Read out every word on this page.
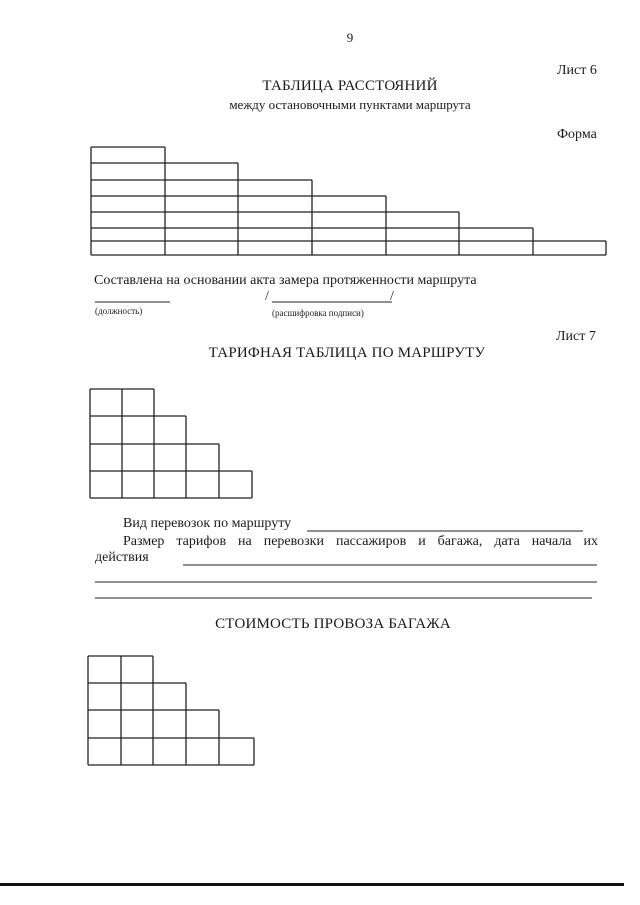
9
Лист 6
ТАБЛИЦА РАССТОЯНИЙ
между остановочными пунктами маршрута
Форма
Составлена на основании акта замера протяженности маршрута
/	/
(должность)	(расшифровка подписи)
Лист 7
ТАРИФНАЯ ТАБЛИЦА ПО МАРШРУТУ
Вид перевозок по маршруту
Размер тарифов на перевозки пассажиров и багажа, дата начала их
действия
СТОИМОСТЬ ПРОВОЗА БАГАЖА
